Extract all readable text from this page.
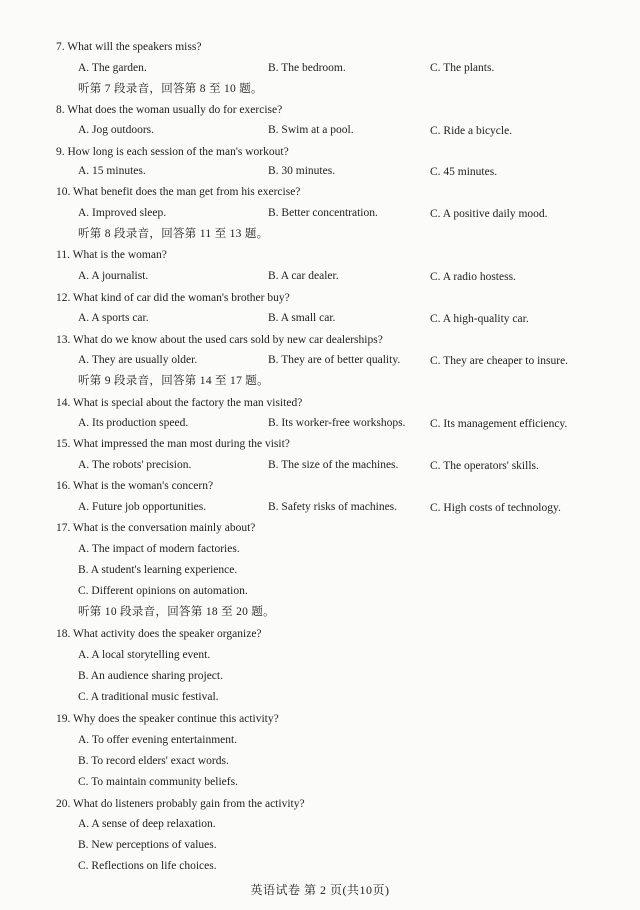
7. What will the speakers miss?
A. The garden.	B. The bedroom.	C. The plants.
8. What does the woman usually do for exercise?
A. Jog outdoors.	B. Swim at a pool.	C. Ride a bicycle.
9. How long is each session of the man's workout?
A. 15 minutes.	B. 30 minutes.	C. 45 minutes.
10. What benefit does the man get from his exercise?
A. Improved sleep.	B. Better concentration.	C. A positive daily mood.
11. What is the woman?
A. A journalist.	B. A car dealer.	C. A radio hostess.
12. What kind of car did the woman's brother buy?
A. A sports car.	B. A small car.	C. A high-quality car.
13. What do we know about the used cars sold by new car dealerships?
A. They are usually older.	B. They are of better quality.	C. They are cheaper to insure.
14. What is special about the factory the man visited?
A. Its production speed.	B. Its worker-free workshops. C. Its management efficiency.
15. What impressed the man most during the visit?
A. The robots' precision.	B. The size of the machines.	C. The operators' skills.
16. What is the woman's concern?
A. Future job opportunities.	B. Safety risks of machines.	C. High costs of technology.
17. What is the conversation mainly about?
A. The impact of modern factories.
B. A student's learning experience.
C. Different opinions on automation.
18. What activity does the speaker organize?
A. A local storytelling event.
B. An audience sharing project.
C. A traditional music festival.
19. Why does the speaker continue this activity?
A. To offer evening entertainment.
B. To record elders' exact words.
C. To maintain community beliefs.
20. What do listeners probably gain from the activity?
A. A sense of deep relaxation.
B. New perceptions of values.
C. Reflections on life choices.
听第 7 段录音，回答第 8 至 10 题。
听第 8 段录音，回答第 11 至 13 题。
听第 9 段录音，回答第 14 至 17 题。
听第 10 段录音，回答第 18 至 20 题。
英语试卷 第 2 页(共10页)
